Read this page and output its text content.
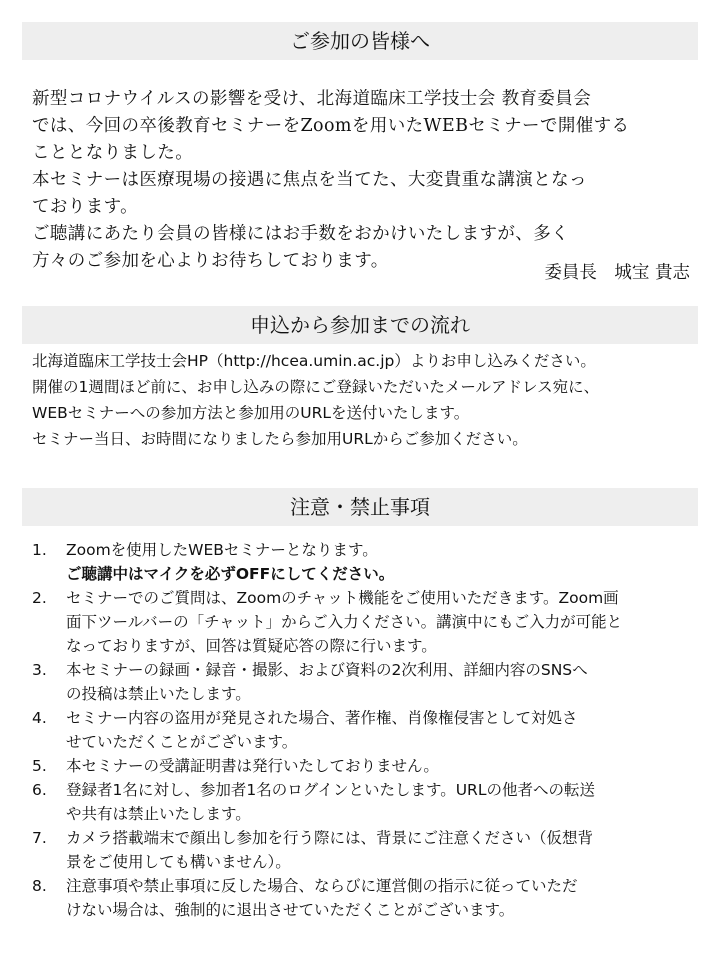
ご参加の皆様へ

新型コロナウイルスの影響を受け、北海道臨床工学技士会 教育委員会

では、今回の卒後教育セミナーをZoomを用いたWEBセミナーで開催する

こととなりました。

本セミナーは医療現場の接遇に焦点を当てた、大変貴重な講演となっ

ております。

ご聴講にあたり会員の皆様にはお手数をおかけいたしますが、多く

方々のご参加を心よりお待ちしております。

委員長　城宝 貴志
申込から参加までの流れ
北海道臨床工学技士会HP（http://hcea.umin.ac.jp）よりお申し込みください。
開催の1週間ほど前に、お申し込みの際にご登録いただいたメールアドレス宛に、
WEBセミナーへの参加方法と参加用のURLを送付いたします。
セミナー当日、お時間になりましたら参加用URLからご参加ください。
注意・禁止事項
1.	Zoomを使用したWEBセミナーとなります。
ご聴講中はマイクを必ずOFFにしてください。
2.	セミナーでのご質問は、Zoomのチャット機能をご使用いただきます。Zoom画
面下ツールバーの「チャット」からご入力ください。講演中にもご入力が可能と
なっておりますが、回答は質疑応答の際に行います。
3.	本セミナーの録画・録音・撮影、および資料の2次利用、詳細内容のSNSへ
の投稿は禁止いたします。
4.	セミナー内容の盗用が発見された場合、著作権、肖像権侵害として対処さ
せていただくことがございます。
5.	本セミナーの受講証明書は発行いたしておりません。
6.	登録者1名に対し、参加者1名のログインといたします。URLの他者への転送
や共有は禁止いたします。
7.	カメラ搭載端末で顔出し参加を行う際には、背景にご注意ください（仮想背
景をご使用しても構いません）。
8.	注意事項や禁止事項に反した場合、ならびに運営側の指示に従っていただ
けない場合は、強制的に退出させていただくことがございます。
